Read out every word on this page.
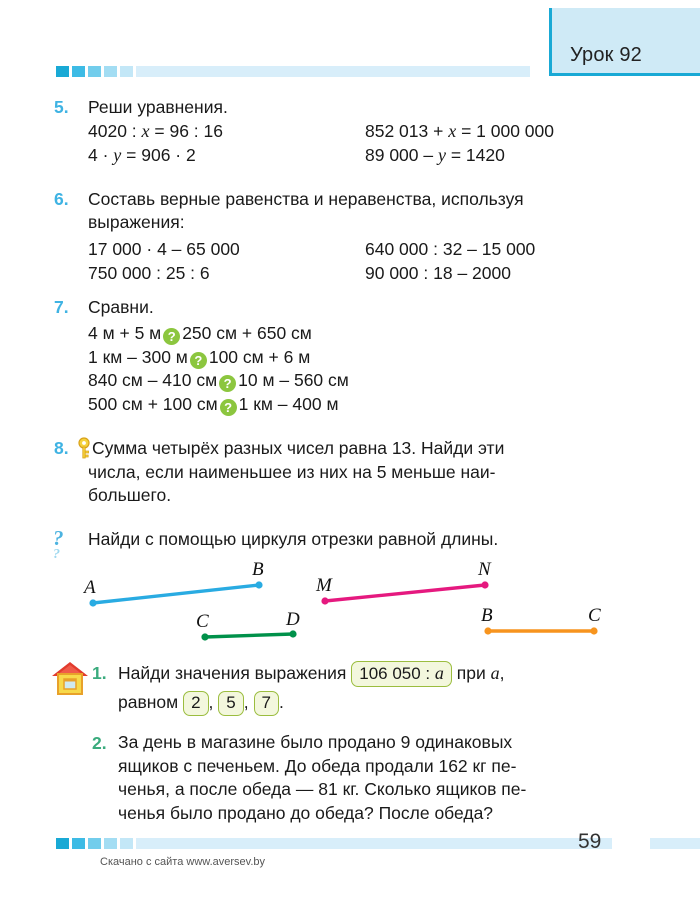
Урок 92
5. Реши уравнения.
4020 : x = 96 : 16
4 · y = 906 · 2
852 013 + x = 1 000 000
89 000 – y = 1420
6. Составь верные равенства и неравенства, используя
выражения:
17 000 · 4 – 65 000
750 000 : 25 : 6
640 000 : 32 – 15 000
90 000 : 18 – 2000
7. Сравни.
4 м + 5 м ? 250 см + 650 см
1 км – 300 м ? 100 см + 6 м
840 см – 410 см ? 10 м – 560 см
500 см + 100 см ? 1 км – 400 м
8. Сумма четырёх разных чисел равна 13. Найди эти
числа, если наименьшее из них на 5 меньше наи-
большего.
?
?
Найди с помощью циркуля отрезки равной длины.
A
B
C	D
M
N
B	C
1. Найди значения выражения 106 050 : a при a,
равном 2 , 5 , 7 .
2. За день в магазине было продано 9 одинаковых
ящиков с печеньем. До обеда продали 162 кг пе-
ченья, а после обеда — 81 кг. Сколько ящиков пе-
ченья было продано до обеда? После обеда?
59
Скачано с сайта www.aversev.by
